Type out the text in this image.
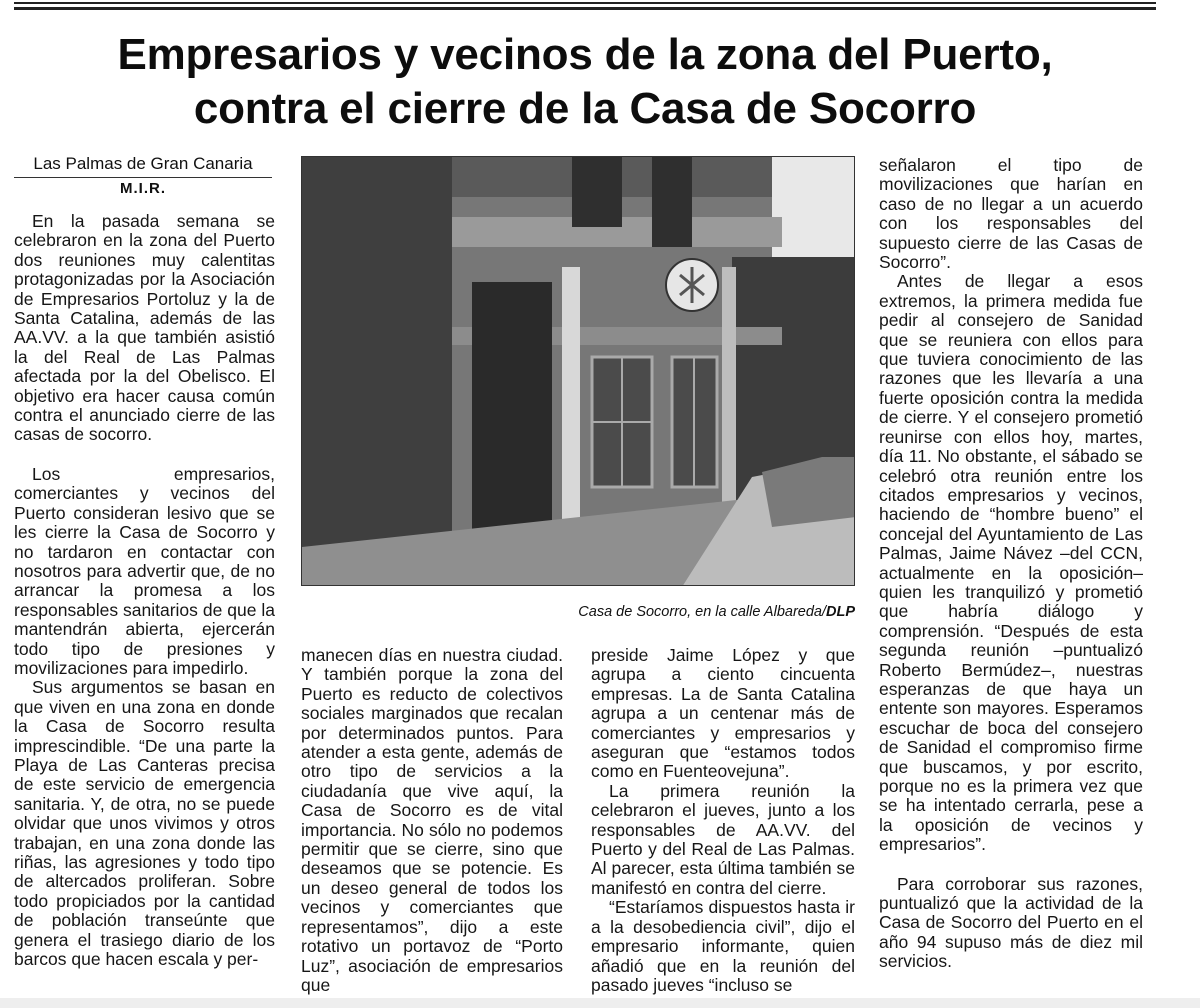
Empresarios y vecinos de la zona del Puerto,
contra el cierre de la Casa de Socorro
Las Palmas de Gran Canaria
M.I.R.

En la pasada semana se celebraron en la zona del Puerto dos reuniones muy calentitas protagonizadas por la Asociación de Empresarios Portoluz y la de Santa Catalina, además de las AA.VV. a la que también asistió la del Real de Las Palmas afectada por la del Obelisco. El objetivo era hacer causa común contra el anunciado cierre de las casas de socorro.

Los empresarios, comerciantes y vecinos del Puerto consideran lesivo que se les cierre la Casa de Socorro y no tardaron en contactar con nosotros para advertir que, de no arrancar la promesa a los responsables sanitarios de que la mantendrán abierta, ejercerán todo tipo de presiones y movilizaciones para impedirlo.

Sus argumentos se basan en que viven en una zona en donde la Casa de Socorro resulta imprescindible. “De una parte la Playa de Las Canteras precisa de este servicio de emergencia sanitaria. Y, de otra, no se puede olvidar que unos vivimos y otros trabajan, en una zona donde las riñas, las agresiones y todo tipo de altercados proliferan. Sobre todo propiciados por la cantidad de población transeúnte que genera el trasiego diario de los barcos que hacen escala y per-

Casa de Socorro, en la calle Albareda/DLP

manecen días en nuestra ciudad. Y también porque la zona del Puerto es reducto de colectivos sociales marginados que recalan por determinados puntos. Para atender a esta gente, además de otro tipo de servicios a la ciudadanía que vive aquí, la Casa de Socorro es de vital importancia. No sólo no podemos permitir que se cierre, sino que deseamos que se potencie. Es un deseo general de todos los vecinos y comerciantes que representamos”, dijo a este rotativo un portavoz de “Porto Luz”, asociación de empresarios que

preside Jaime López y que agrupa a ciento cincuenta empresas. La de Santa Catalina agrupa a un centenar más de comerciantes y empresarios y aseguran que “estamos todos como en Fuenteovejuna”.

La primera reunión la celebraron el jueves, junto a los responsables de AA.VV. del Puerto y del Real de Las Palmas. Al parecer, esta última también se manifestó en contra del cierre.

“Estaríamos dispuestos hasta ir a la desobediencia civil”, dijo el empresario informante, quien añadió que en la reunión del pasado jueves “incluso se

señalaron el tipo de movilizaciones que harían en caso de no llegar a un acuerdo con los responsables del supuesto cierre de las Casas de Socorro”.

Antes de llegar a esos extremos, la primera medida fue pedir al consejero de Sanidad que se reuniera con ellos para que tuviera conocimiento de las razones que les llevaría a una fuerte oposición contra la medida de cierre. Y el consejero prometió reunirse con ellos hoy, martes, día 11. No obstante, el sábado se celebró otra reunión entre los citados empresarios y vecinos, haciendo de “hombre bueno” el concejal del Ayuntamiento de Las Palmas, Jaime Návez –del CCN, actualmente en la oposición– quien les tranquilizó y prometió que habría diálogo y comprensión. “Después de esta segunda reunión –puntualizó Roberto Bermúdez–, nuestras esperanzas de que haya un entente son mayores. Esperamos escuchar de boca del consejero de Sanidad el compromiso firme que buscamos, y por escrito, porque no es la primera vez que se ha intentado cerrarla, pese a la oposición de vecinos y empresarios”.

Para corroborar sus razones, puntualizó que la actividad de la Casa de Socorro del Puerto en el año 94 supuso más de diez mil servicios.
